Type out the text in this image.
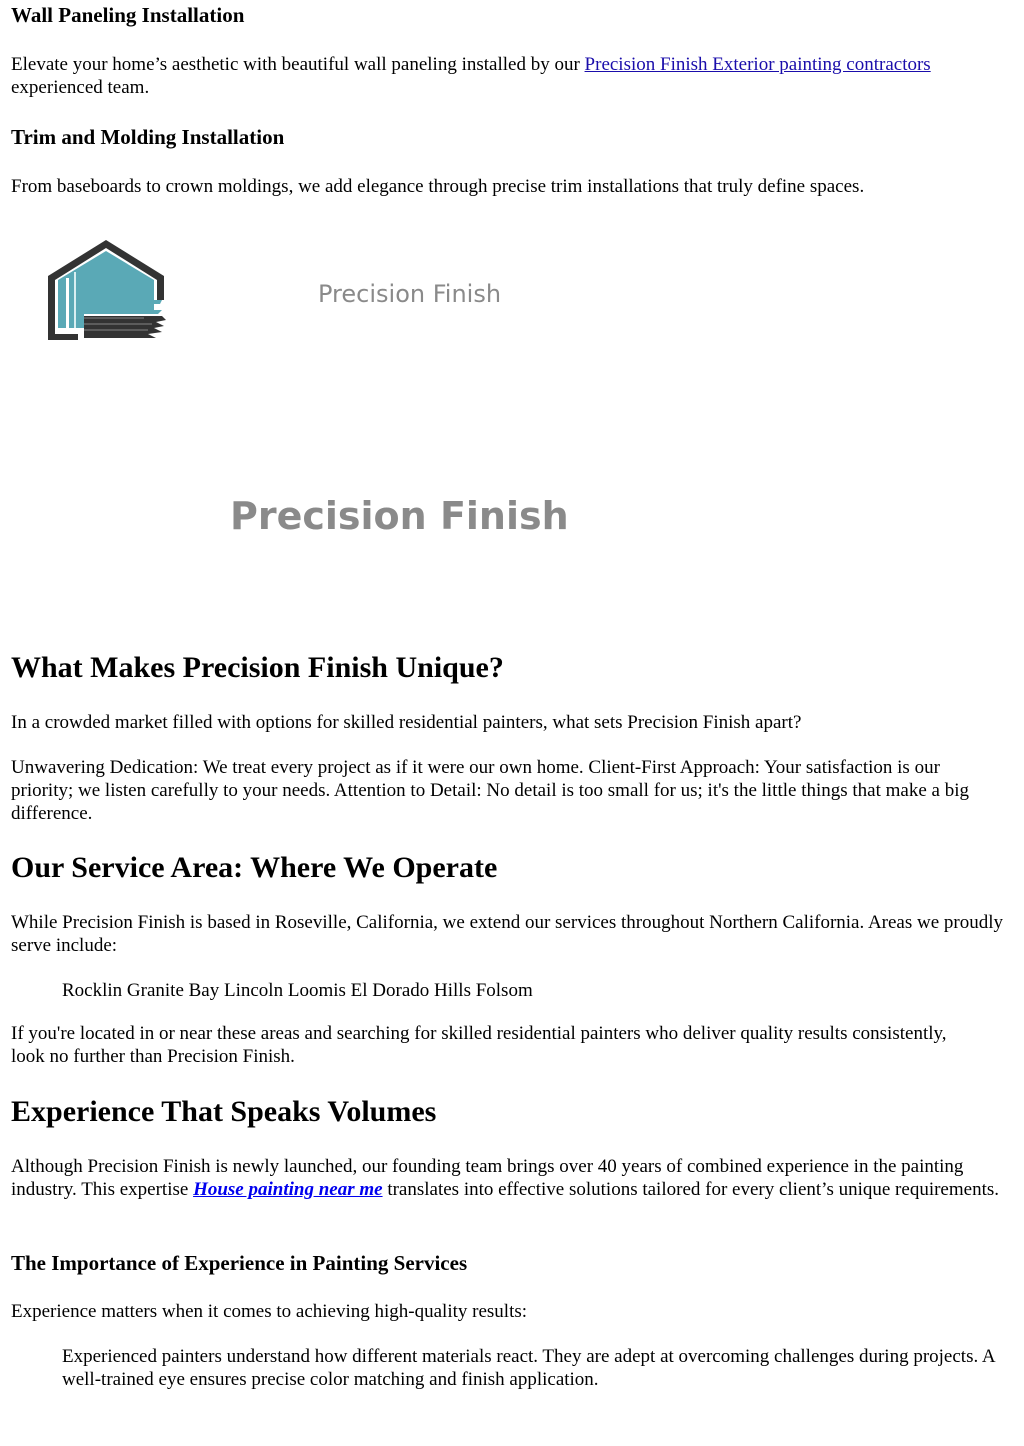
Wall Paneling Installation

Elevate your home’s aesthetic with beautiful wall paneling installed by our Precision Finish Exterior painting contractors experienced team.

Trim and Molding Installation

From baseboards to crown moldings, we add elegance through precise trim installations that truly define spaces.

What Makes Precision Finish Unique?

In a crowded market filled with options for skilled residential painters, what sets Precision Finish apart?

Unwavering Dedication: We treat every project as if it were our own home. Client-First Approach: Your satisfaction is our priority; we listen carefully to your needs. Attention to Detail: No detail is too small for us; it's the little things that make a big difference.

Our Service Area: Where We Operate

While Precision Finish is based in Roseville, California, we extend our services throughout Northern California. Areas we proudly serve include:

Rocklin Granite Bay Lincoln Loomis El Dorado Hills Folsom

If you're located in or near these areas and searching for skilled residential painters who deliver quality results consistently, look no further than Precision Finish.

Experience That Speaks Volumes

Although Precision Finish is newly launched, our founding team brings over 40 years of combined experience in the painting industry. This expertise House painting near me translates into effective solutions tailored for every client’s unique requirements.

The Importance of Experience in Painting Services

Experience matters when it comes to achieving high-quality results:

Experienced painters understand how different materials react. They are adept at overcoming challenges during projects. A well-trained eye ensures precise color matching and finish application.

Precision Finish
Precision Finish
